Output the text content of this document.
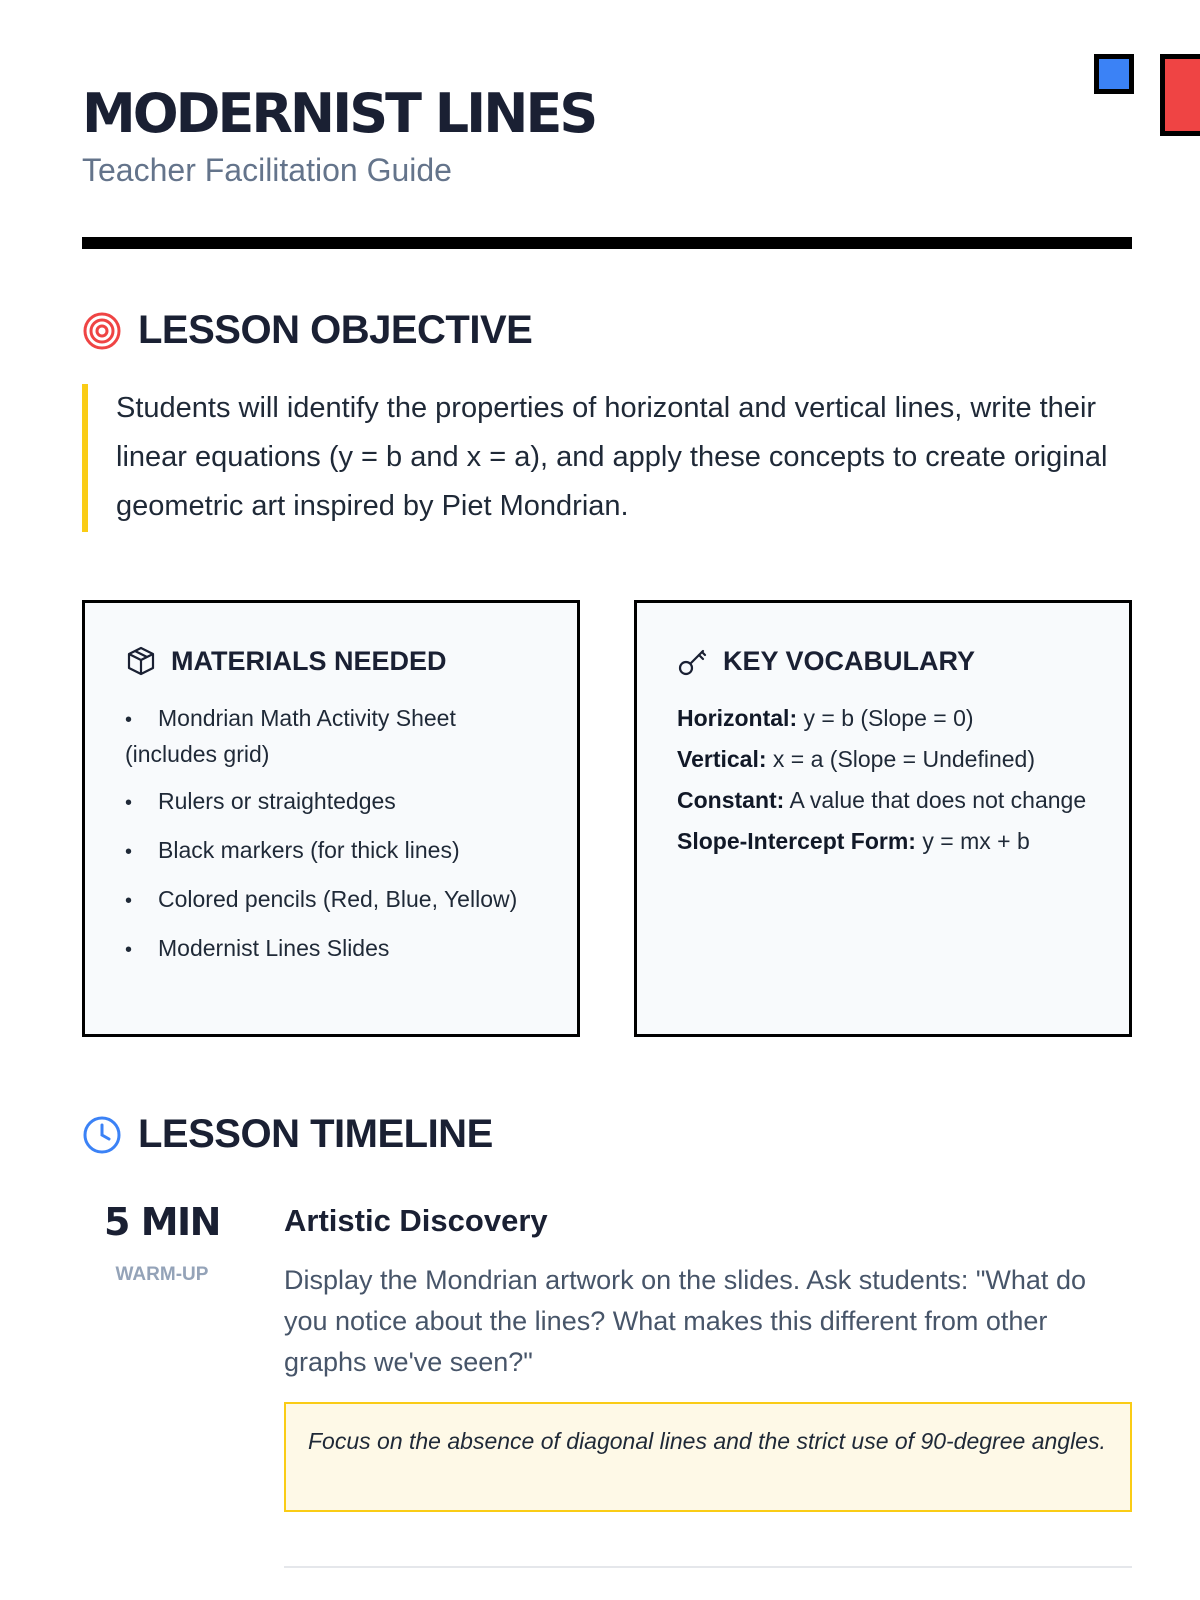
MODERNIST LINES
Teacher Facilitation Guide
LESSON OBJECTIVE

Students will identify the properties of horizontal and vertical lines, write their linear equations (y = b and x = a), and apply these concepts to create original geometric art inspired by Piet Mondrian.

MATERIALS NEEDED
• Mondrian Math Activity Sheet (includes grid)
• Rulers or straightedges
• Black markers (for thick lines)
• Colored pencils (Red, Blue, Yellow)
• Modernist Lines Slides
KEY VOCABULARY
Horizontal: y = b (Slope = 0)
Vertical: x = a (Slope = Undefined)
Constant: A value that does not change
Slope-Intercept Form: y = mx + b
LESSON TIMELINE
5 MIN
WARM-UP
Artistic Discovery

Display the Mondrian artwork on the slides. Ask students: "What do you notice about the lines? What makes this different from other graphs we've seen?"

Focus on the absence of diagonal lines and the strict use of 90-degree angles.
